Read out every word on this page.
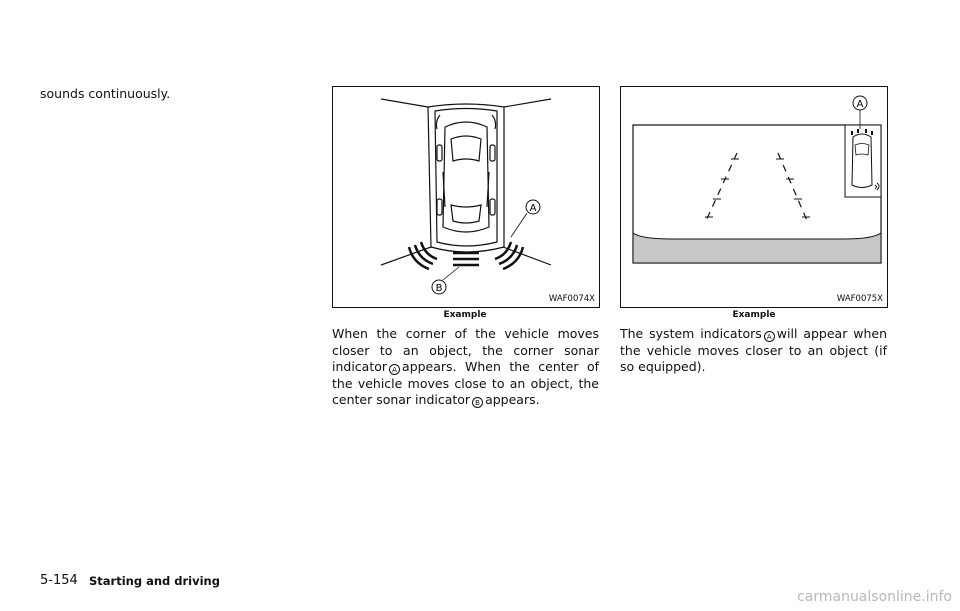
sounds continuously.
A
B
WAF0074X
Example
A
WAF0075X
Example
When the corner of the vehicle moves closer to an object, the corner sonar indicator A appears. When the center of the vehicle moves close to an object, the center sonar indicator B appears.
The system indicators A will appear when the vehicle moves closer to an object (if so equipped).
5-154 Starting and driving
carmanualsonline.info
